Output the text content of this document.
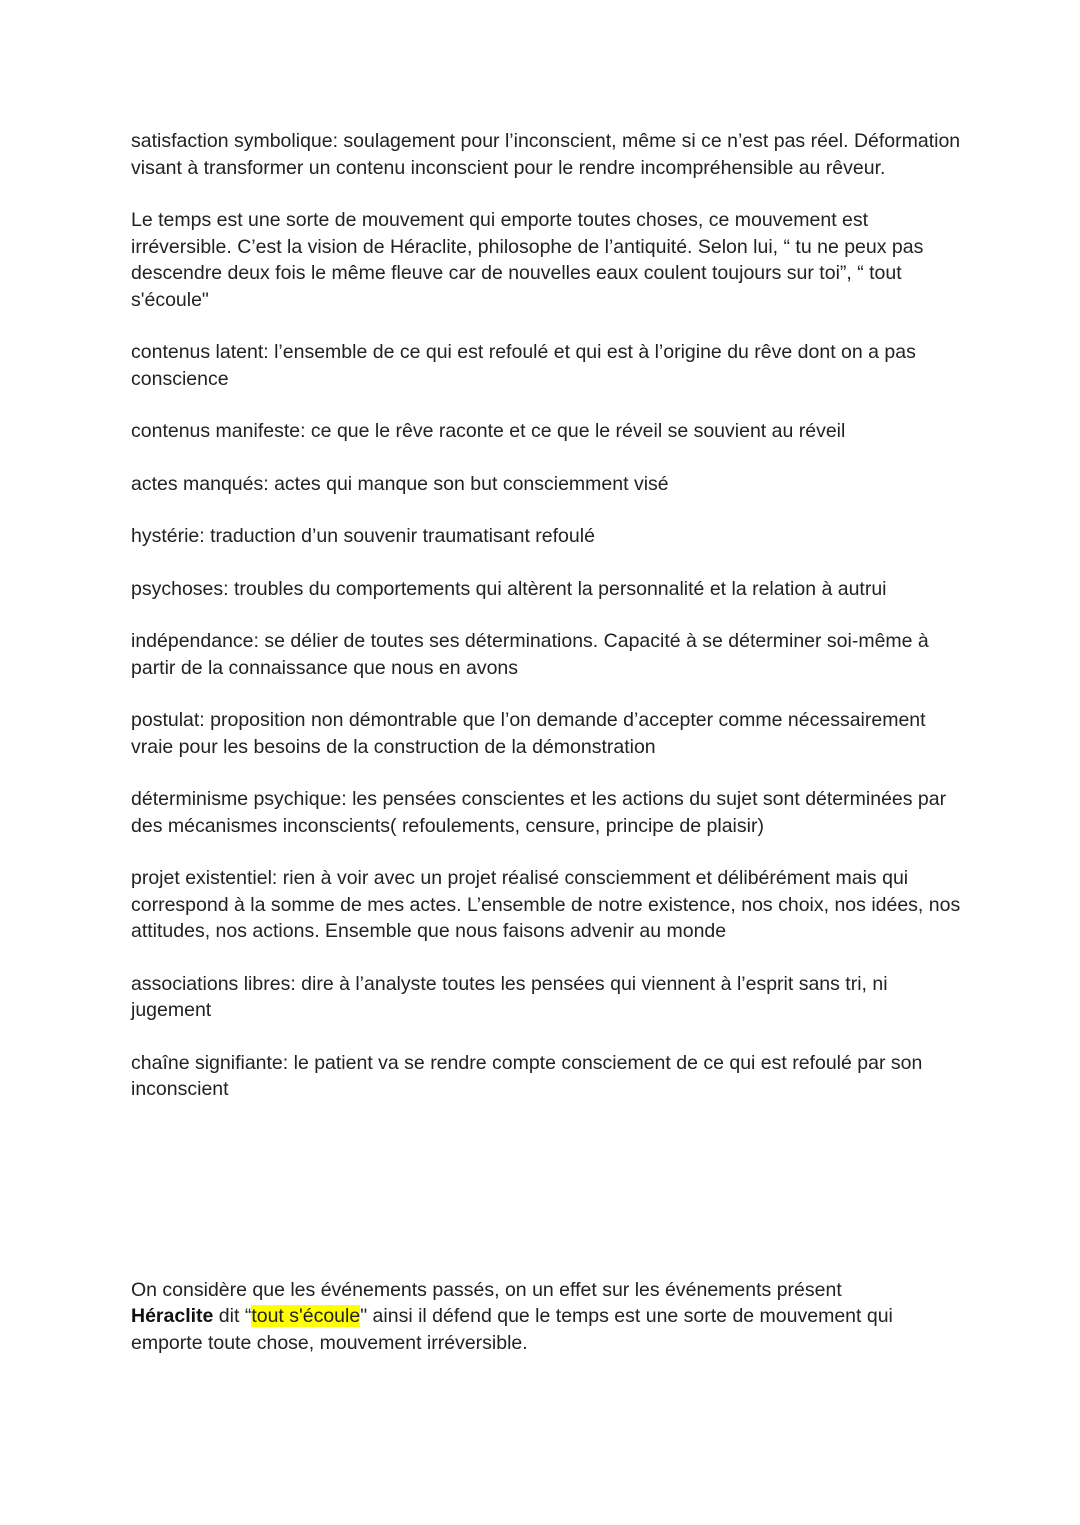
satisfaction symbolique: soulagement pour l’inconscient, même si ce n’est pas réel. Déformation visant à transformer un contenu inconscient pour le rendre incompréhensible au rêveur.

Le temps est une sorte de mouvement qui emporte toutes choses, ce mouvement est irréversible. C’est la vision de Héraclite, philosophe de l’antiquité. Selon lui, “ tu ne peux pas descendre deux fois le même fleuve car de nouvelles eaux coulent toujours sur toi”, “ tout s'écoule"

contenus latent: l’ensemble de ce qui est refoulé et qui est à l’origine du rêve dont on a pas conscience

contenus manifeste: ce que le rêve raconte et ce que le réveil se souvient au réveil

actes manqués: actes qui manque son but consciemment visé

hystérie: traduction d’un souvenir traumatisant refoulé

psychoses: troubles du comportements qui altèrent la personnalité et la relation à autrui

indépendance: se délier de toutes ses déterminations. Capacité à se déterminer soi-même à partir de la connaissance que nous en avons

postulat: proposition non démontrable que l’on demande d’accepter comme nécessairement vraie pour les besoins de la construction de la démonstration

déterminisme psychique: les pensées conscientes et les actions du sujet sont déterminées par des mécanismes inconscients( refoulements, censure, principe de plaisir)

projet existentiel: rien à voir avec un projet réalisé consciemment et délibérément mais qui correspond à la somme de mes actes. L’ensemble de notre existence, nos choix, nos idées, nos attitudes, nos actions. Ensemble que nous faisons advenir au monde

associations libres: dire à l’analyste toutes les pensées qui viennent à l’esprit sans tri, ni jugement

chaîne signifiante: le patient va se rendre compte consciement de ce qui est refoulé par son inconscient

On considère que les événements passés, on un effet sur les événements présent
Héraclite dit “tout s'écoule" ainsi il défend que le temps est une sorte de mouvement qui emporte toute chose, mouvement irréversible.
